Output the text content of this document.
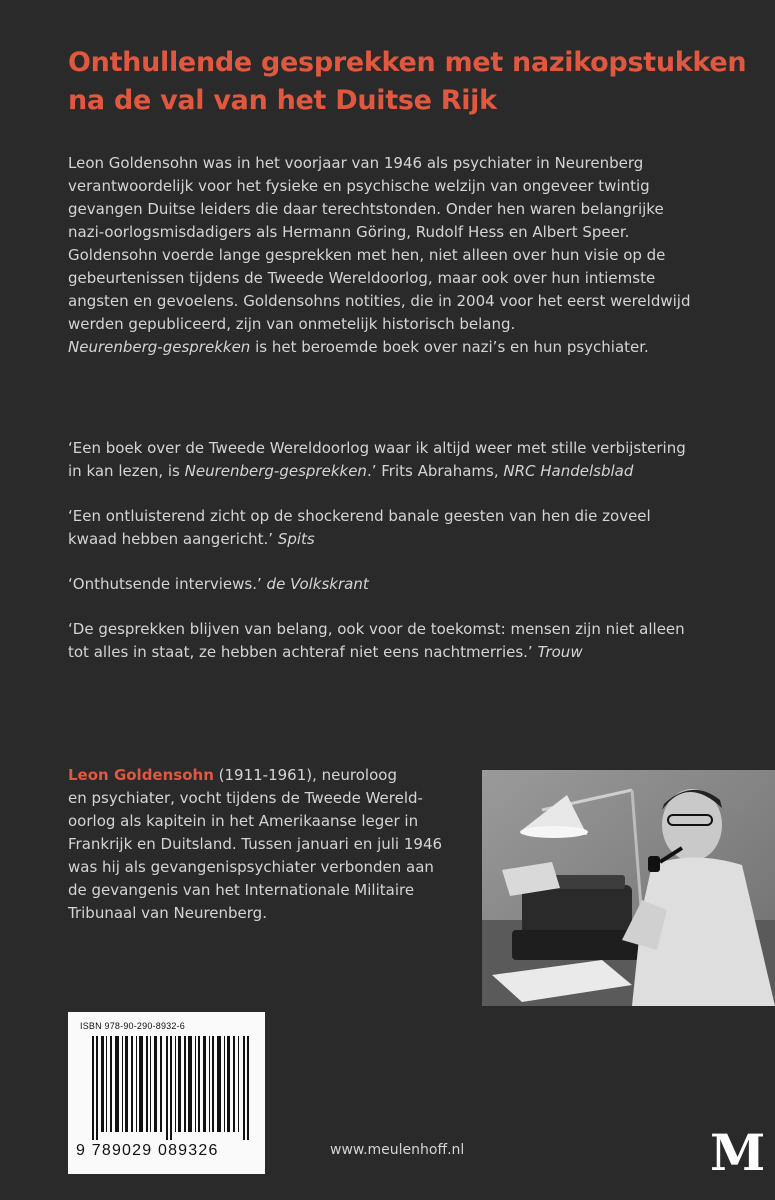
Onthullende gesprekken met nazikopstukken
na de val van het Duitse Rijk
Leon Goldensohn was in het voorjaar van 1946 als psychiater in Neurenberg
verantwoordelijk voor het fysieke en psychische welzijn van ongeveer twintig
gevangen Duitse leiders die daar terechtstonden. Onder hen waren belangrijke
nazi-oorlogsmisdadigers als Hermann Göring, Rudolf Hess en Albert Speer.
Goldensohn voerde lange gesprekken met hen, niet alleen over hun visie op de
gebeurtenissen tijdens de Tweede Wereldoorlog, maar ook over hun intiemste
angsten en gevoelens. Goldensohns notities, die in 2004 voor het eerst wereldwijd
werden gepubliceerd, zijn van onmetelijk historisch belang.
Neurenberg-gesprekken is het beroemde boek over nazi’s en hun psychiater.
‘Een boek over de Tweede Wereldoorlog waar ik altijd weer met stille verbijstering
in kan lezen, is Neurenberg-gesprekken.’ Frits Abrahams, NRC Handelsblad
‘Een ontluisterend zicht op de shockerend banale geesten van hen die zoveel
kwaad hebben aangericht.’ Spits
‘Onthutsende interviews.’ de Volkskrant
‘De gesprekken blijven van belang, ook voor de toekomst: mensen zijn niet alleen
tot alles in staat, ze hebben achteraf niet eens nachtmerries.’ Trouw
Leon Goldensohn (1911-1961), neuroloog
en psychiater, vocht tijdens de Tweede Wereld-
oorlog als kapitein in het Amerikaanse leger in
Frankrijk en Duitsland. Tussen januari en juli 1946
was hij als gevangenispsychiater verbonden aan
de gevangenis van het Internationale Militaire
Tribunaal van Neurenberg.
ISBN 978-90-290-8932-6
9 789029 089326	www.meulenhoff.nl	M
